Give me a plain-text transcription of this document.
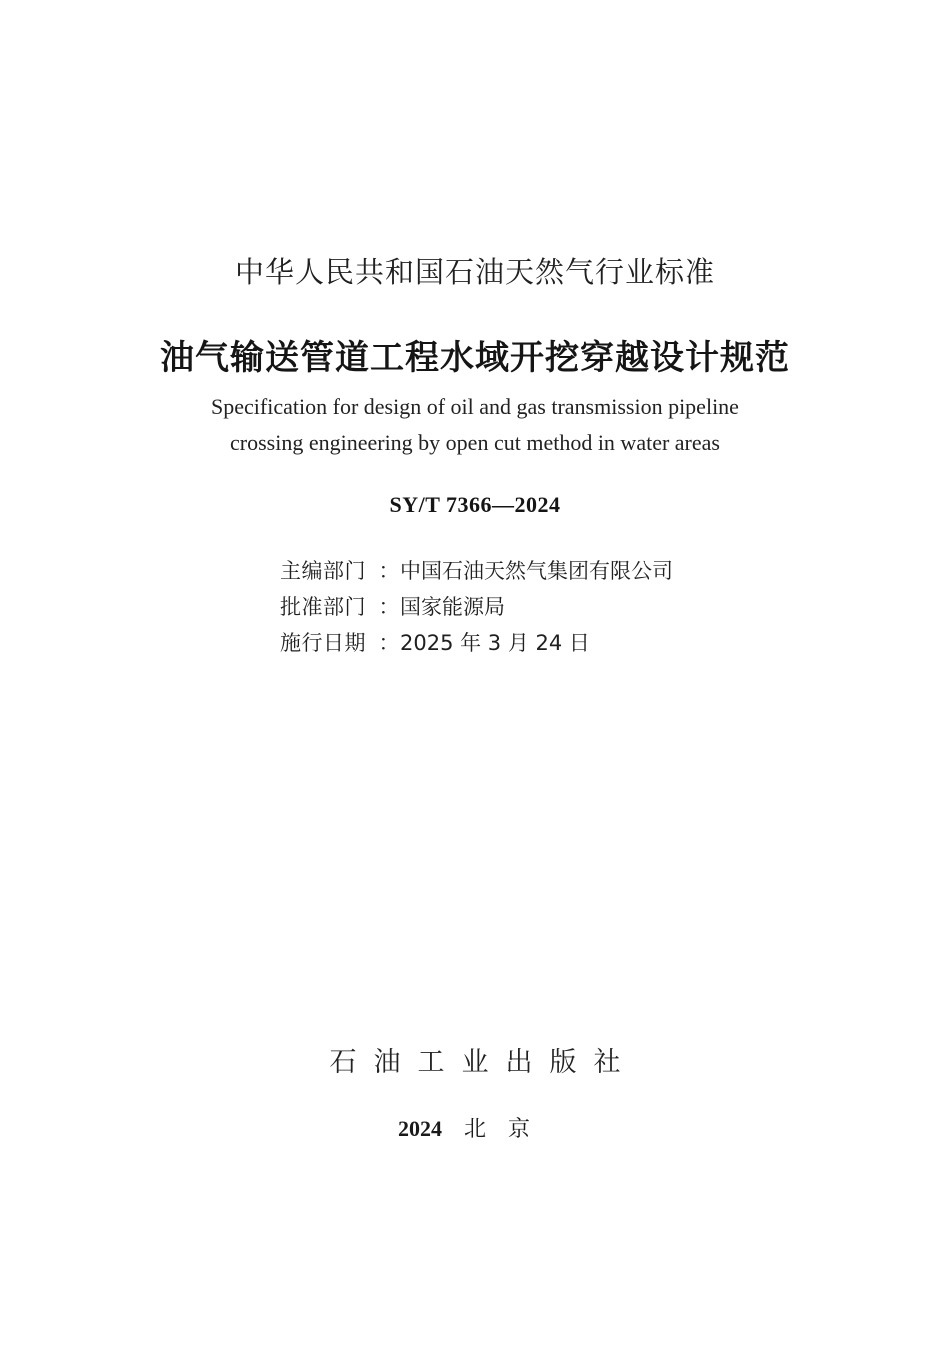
中华人民共和国石油天然气行业标准
油气输送管道工程水域开挖穿越设计规范
Specification for design of oil and gas transmission pipeline
crossing engineering by open cut method in water areas
SY/T 7366—2024
主编部门 ：中国石油天然气集团有限公司
批准部门 ：国家能源局
施行日期 ：2025 年 3 月 24 日
石油工业出版社
2024 北京
